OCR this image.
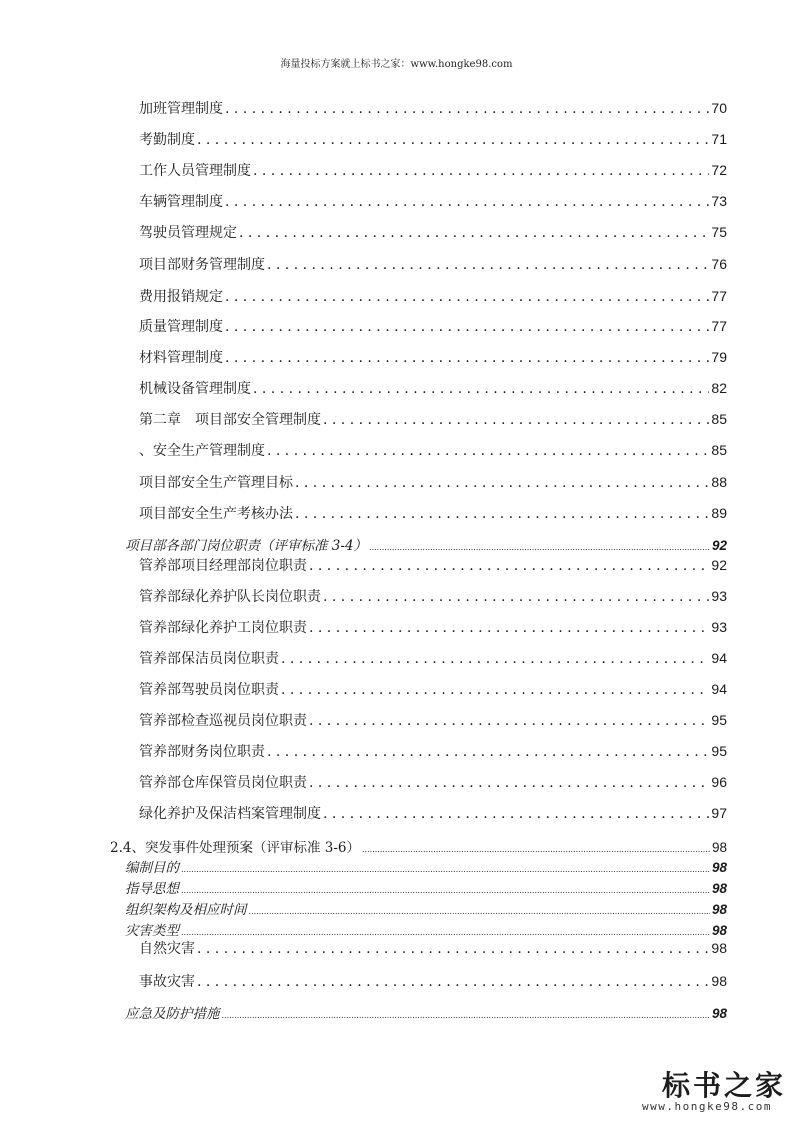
海量投标方案就上标书之家：www.hongke98.com
加班管理制度 . . .	70
考勤制度 . . .	71
工作人员管理制度 . . .	72
车辆管理制度 . . .	73
驾驶员管理规定 . . .	75
项目部财务管理制度 . . .	76
费用报销规定 . . .	77
质量管理制度 . . .	77
材料管理制度 . . .	79
机械设备管理制度 . . .	82
第二章　项目部安全管理制度 . . .	85
、安全生产管理制度 . . .	85
项目部安全生产管理目标 . . .	88
项目部安全生产考核办法 . . .	89
项目部各部门岗位职责（评审标准 3-4） .....	92
管养部项目经理部岗位职责 . . .	92
管养部绿化养护队长岗位职责 . . .	93
管养部绿化养护工岗位职责 . . .	93
管养部保洁员岗位职责 . . .	94
管养部驾驶员岗位职责 . . .	94
管养部检查巡视员岗位职责 . . .	95
管养部财务岗位职责 . . .	95
管养部仓库保管员岗位职责 . . .	96
绿化养护及保洁档案管理制度 . . .	97
2.4、突发事件处理预案（评审标准 3-6） .....	98
编制目的 .....	98
指导思想 .....	98
组织架构及相应时间 .....	98
灾害类型 .....	98
自然灾害 . . .	98
事故灾害 . . .	98
应急及防护措施 .....	98
标书之家
www.hongke98.com
